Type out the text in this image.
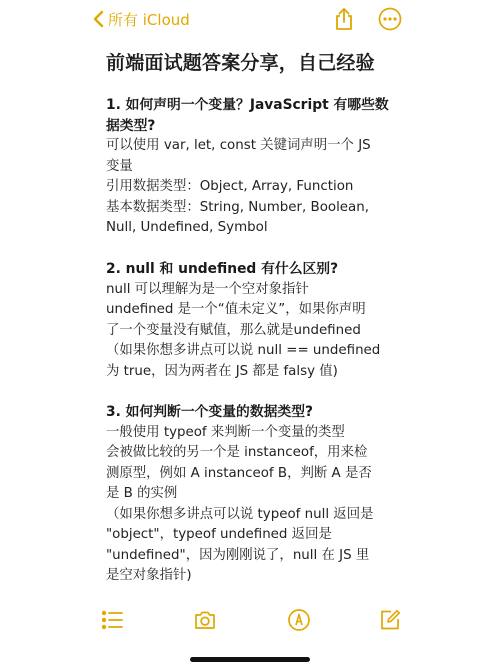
所有 iCloud
前端面试题答案分享，自己经验
1. 如何声明一个变量？JavaScript 有哪些数
据类型?
可以使用 var, let, const 关键词声明一个 JS
变量
引用数据类型：Object, Array, Function
基本数据类型：String, Number, Boolean,
Null, Undefined, Symbol
2. null 和 undefined 有什么区别?
null 可以理解为是一个空对象指针
undefined 是一个“值未定义”，如果你声明
了一个变量没有赋值，那么就是undefined
（如果你想多讲点可以说 null == undefined
为 true，因为两者在 JS 都是 falsy 值)
3. 如何判断一个变量的数据类型?
一般使用 typeof 来判断一个变量的类型
会被做比较的另一个是 instanceof，用来检
测原型，例如 A instanceof B，判断 A 是否
是 B 的实例
（如果你想多讲点可以说 typeof null 返回是
"object"，typeof undefined 返回是
"undefined"，因为刚刚说了，null 在 JS 里
是空对象指针)
